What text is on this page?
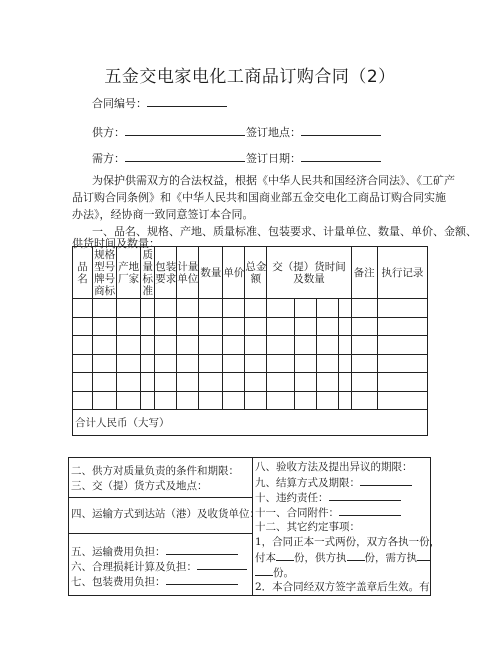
五金交电家电化工商品订购合同（2）
合同编号：
供方：	签订地点：
需方：	签订日期：
为保护供需双方的合法权益，根据《中华人民共和国经济合同法》、《工矿产
品订购合同条例》和《中华人民共和国商业部五金交电化工商品订购合同实施
办法》，经协商一致同意签订本合同。
一、品名、规格、产地、质量标准、包装要求、计量单位、数量、单价、金额、
供货时间及数量：
品名	规格型号牌号商标	产地厂家	质量标准	包装要求	计量单位	数量	单价	总金额	交（提）货时间及数量				备注	执行记录

合计人民币（大写）														
二、供方对质量负责的条件和期限：
三、交（提）货方式及地点：

八、验收方法及提出异议的期限：
九、结算方式及期限：
十、违约责任：
十一、合同附件：
十二、其它约定事项：
1，合同正本一式两份，双方各执一份，
付本 份，供方执 份，需方执
份。
2．本合同经双方签字盖章后生效。有

四、运输方式到达站（港）及收货单位：

五、运输费用负担：
六、合理损耗计算及负担：
七、包装费用负担：
